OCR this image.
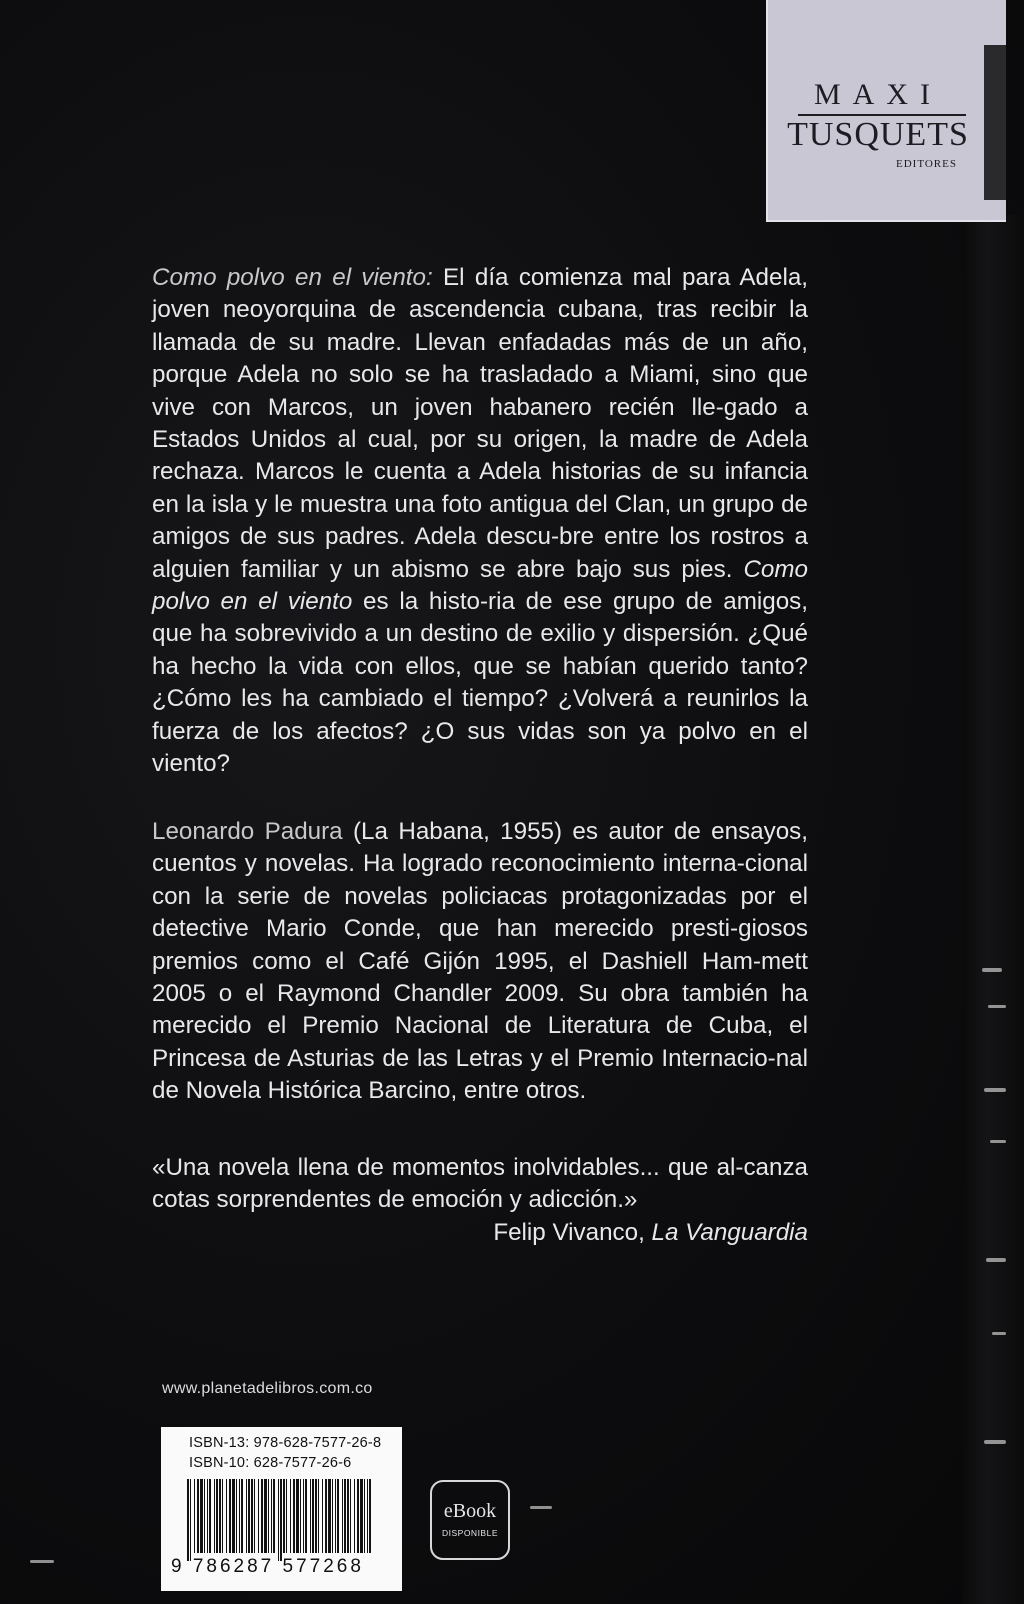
MAXI
TUSQUETS
EDITORES
Como polvo en el viento: El día comienza mal para Adela, joven neoyorquina de ascendencia cubana, tras recibir la llamada de su madre. Llevan enfadadas más de un año, porque Adela no solo se ha trasladado a Miami, sino que vive con Marcos, un joven habanero recién lle-gado a Estados Unidos al cual, por su origen, la madre de Adela rechaza. Marcos le cuenta a Adela historias de su infancia en la isla y le muestra una foto antigua del Clan, un grupo de amigos de sus padres. Adela descu-bre entre los rostros a alguien familiar y un abismo se abre bajo sus pies. Como polvo en el viento es la histo-ria de ese grupo de amigos, que ha sobrevivido a un destino de exilio y dispersión. ¿Qué ha hecho la vida con ellos, que se habían querido tanto? ¿Cómo les ha cambiado el tiempo? ¿Volverá a reunirlos la fuerza de los afectos? ¿O sus vidas son ya polvo en el viento?
Leonardo Padura (La Habana, 1955) es autor de ensayos, cuentos y novelas. Ha logrado reconocimiento interna-cional con la serie de novelas policiacas protagonizadas por el detective Mario Conde, que han merecido presti-giosos premios como el Café Gijón 1995, el Dashiell Ham-mett 2005 o el Raymond Chandler 2009. Su obra también ha merecido el Premio Nacional de Literatura de Cuba, el Princesa de Asturias de las Letras y el Premio Internacio-nal de Novela Histórica Barcino, entre otros.
«Una novela llena de momentos inolvidables... que al-canza cotas sorprendentes de emoción y adicción.»
Felip Vivanco, La Vanguardia
www.planetadelibros.com.co
ISBN-13: 978-628-7577-26-8
ISBN-10: 628-7577-26-6
9 786287 577268
eBook
DISPONIBLE
